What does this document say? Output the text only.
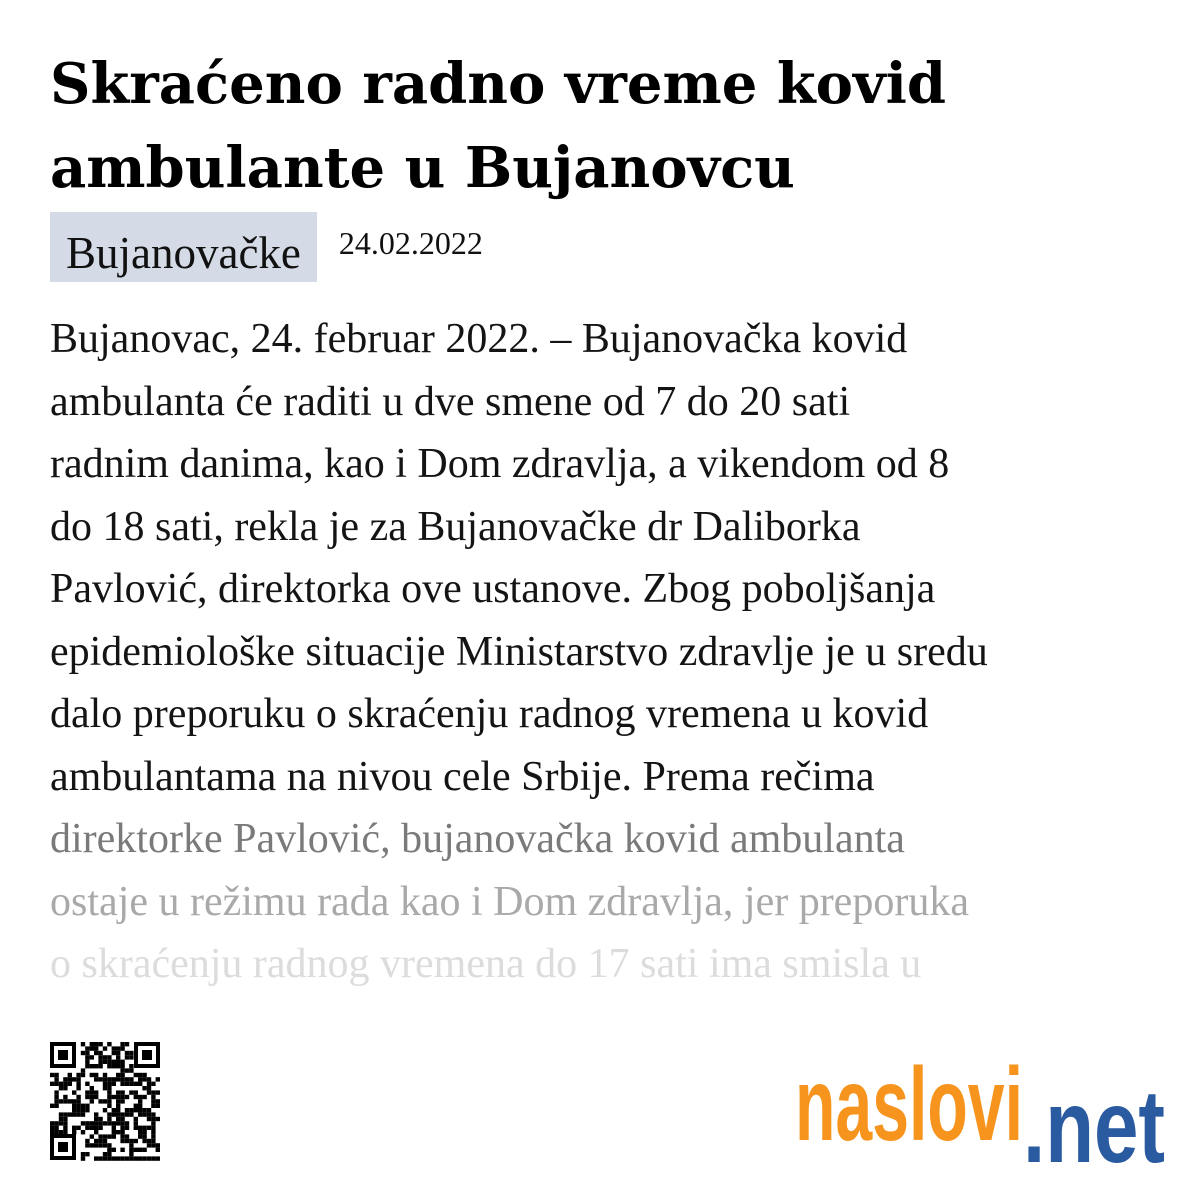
Skraćeno radno vreme kovid
ambulante u Bujanovcu
Bujanovačke	24.02.2022

Bujanovac, 24. februar 2022. – Bujanovačka kovid

ambulanta će raditi u dve smene od 7 do 20 sati

radnim danima, kao i Dom zdravlja, a vikendom od 8

do 18 sati, rekla je za Bujanovačke dr Daliborka

Pavlović, direktorka ove ustanove. Zbog poboljšanja

epidemiološke situacije Ministarstvo zdravlje je u sredu

dalo preporuku o skraćenju radnog vremena u kovid

ambulantama na nivou cele Srbije. Prema rečima

direktorke Pavlović, bujanovačka kovid ambulanta

ostaje u režimu rada kao i Dom zdravlja, jer preporuka

o skraćenju radnog vremena do 17 sati ima smisla u

naslovi .net
